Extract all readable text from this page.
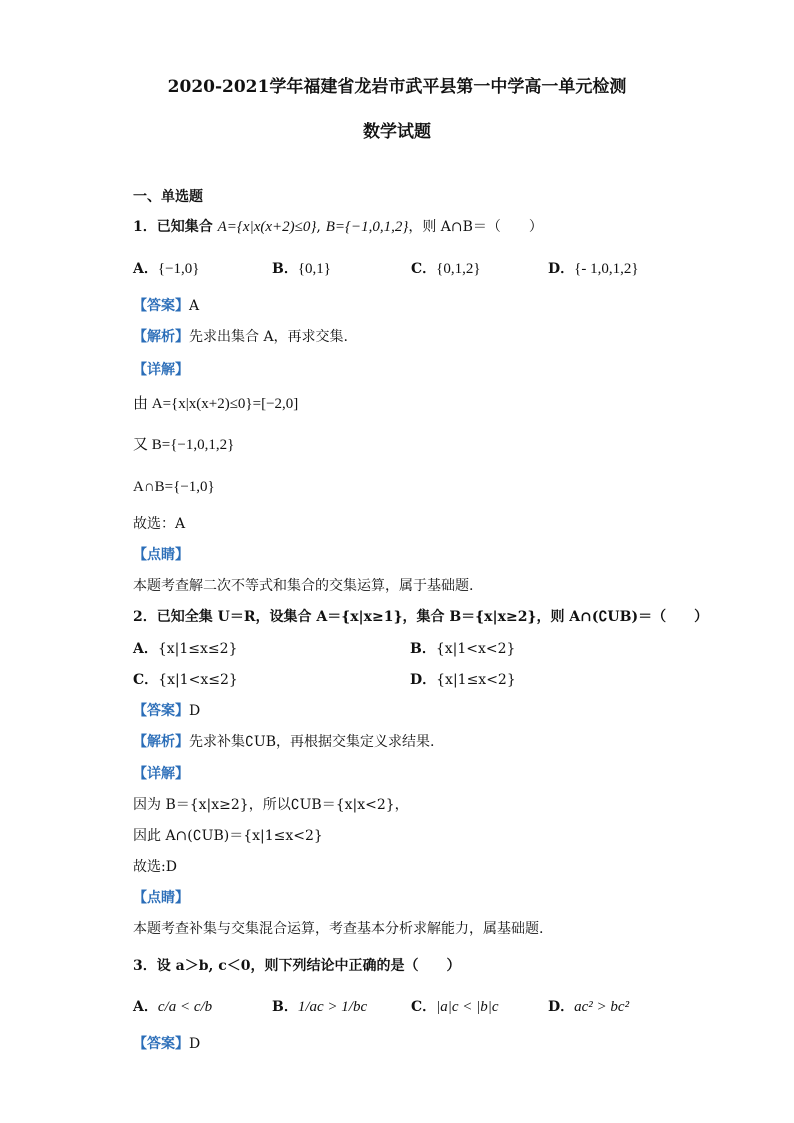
2020-2021学年福建省龙岩市武平县第一中学高一单元检测
数学试题
一、单选题
1．已知集合 A={x|x(x+2)≤0}, B={−1,0,1,2}，则 A∩B＝（　　）
A．{−1,0}	B．{0,1}	C．{0,1,2}	D．{- 1,0,1,2}
【答案】A
【解析】先求出集合 A，再求交集.
【详解】
由 A={x|x(x+2)≤0}=[−2,0]
又 B={−1,0,1,2}
A∩B={−1,0}
故选：A
【点睛】
本题考查解二次不等式和集合的交集运算，属于基础题.
2．已知全集 U＝R，设集合 A＝{x|x≥1}，集合 B＝{x|x≥2}，则 A∩(∁UB)＝（　　）
A．{x|1≤x≤2}	B．{x|1<x<2}
C．{x|1<x≤2}	D．{x|1≤x<2}
【答案】D
【解析】先求补集∁UB，再根据交集定义求结果.
【详解】
因为 B＝{x|x≥2}，所以∁UB＝{x|x<2}，
因此 A∩(∁UB)＝{x|1≤x<2}
故选:D
【点睛】
本题考查补集与交集混合运算，考查基本分析求解能力，属基础题.
3．设 a＞b, c＜0，则下列结论中正确的是（　　）
A．c/a < c/b	B．1/ac > 1/bc	C．|a|c < |b|c	D．ac² > bc²
【答案】D
